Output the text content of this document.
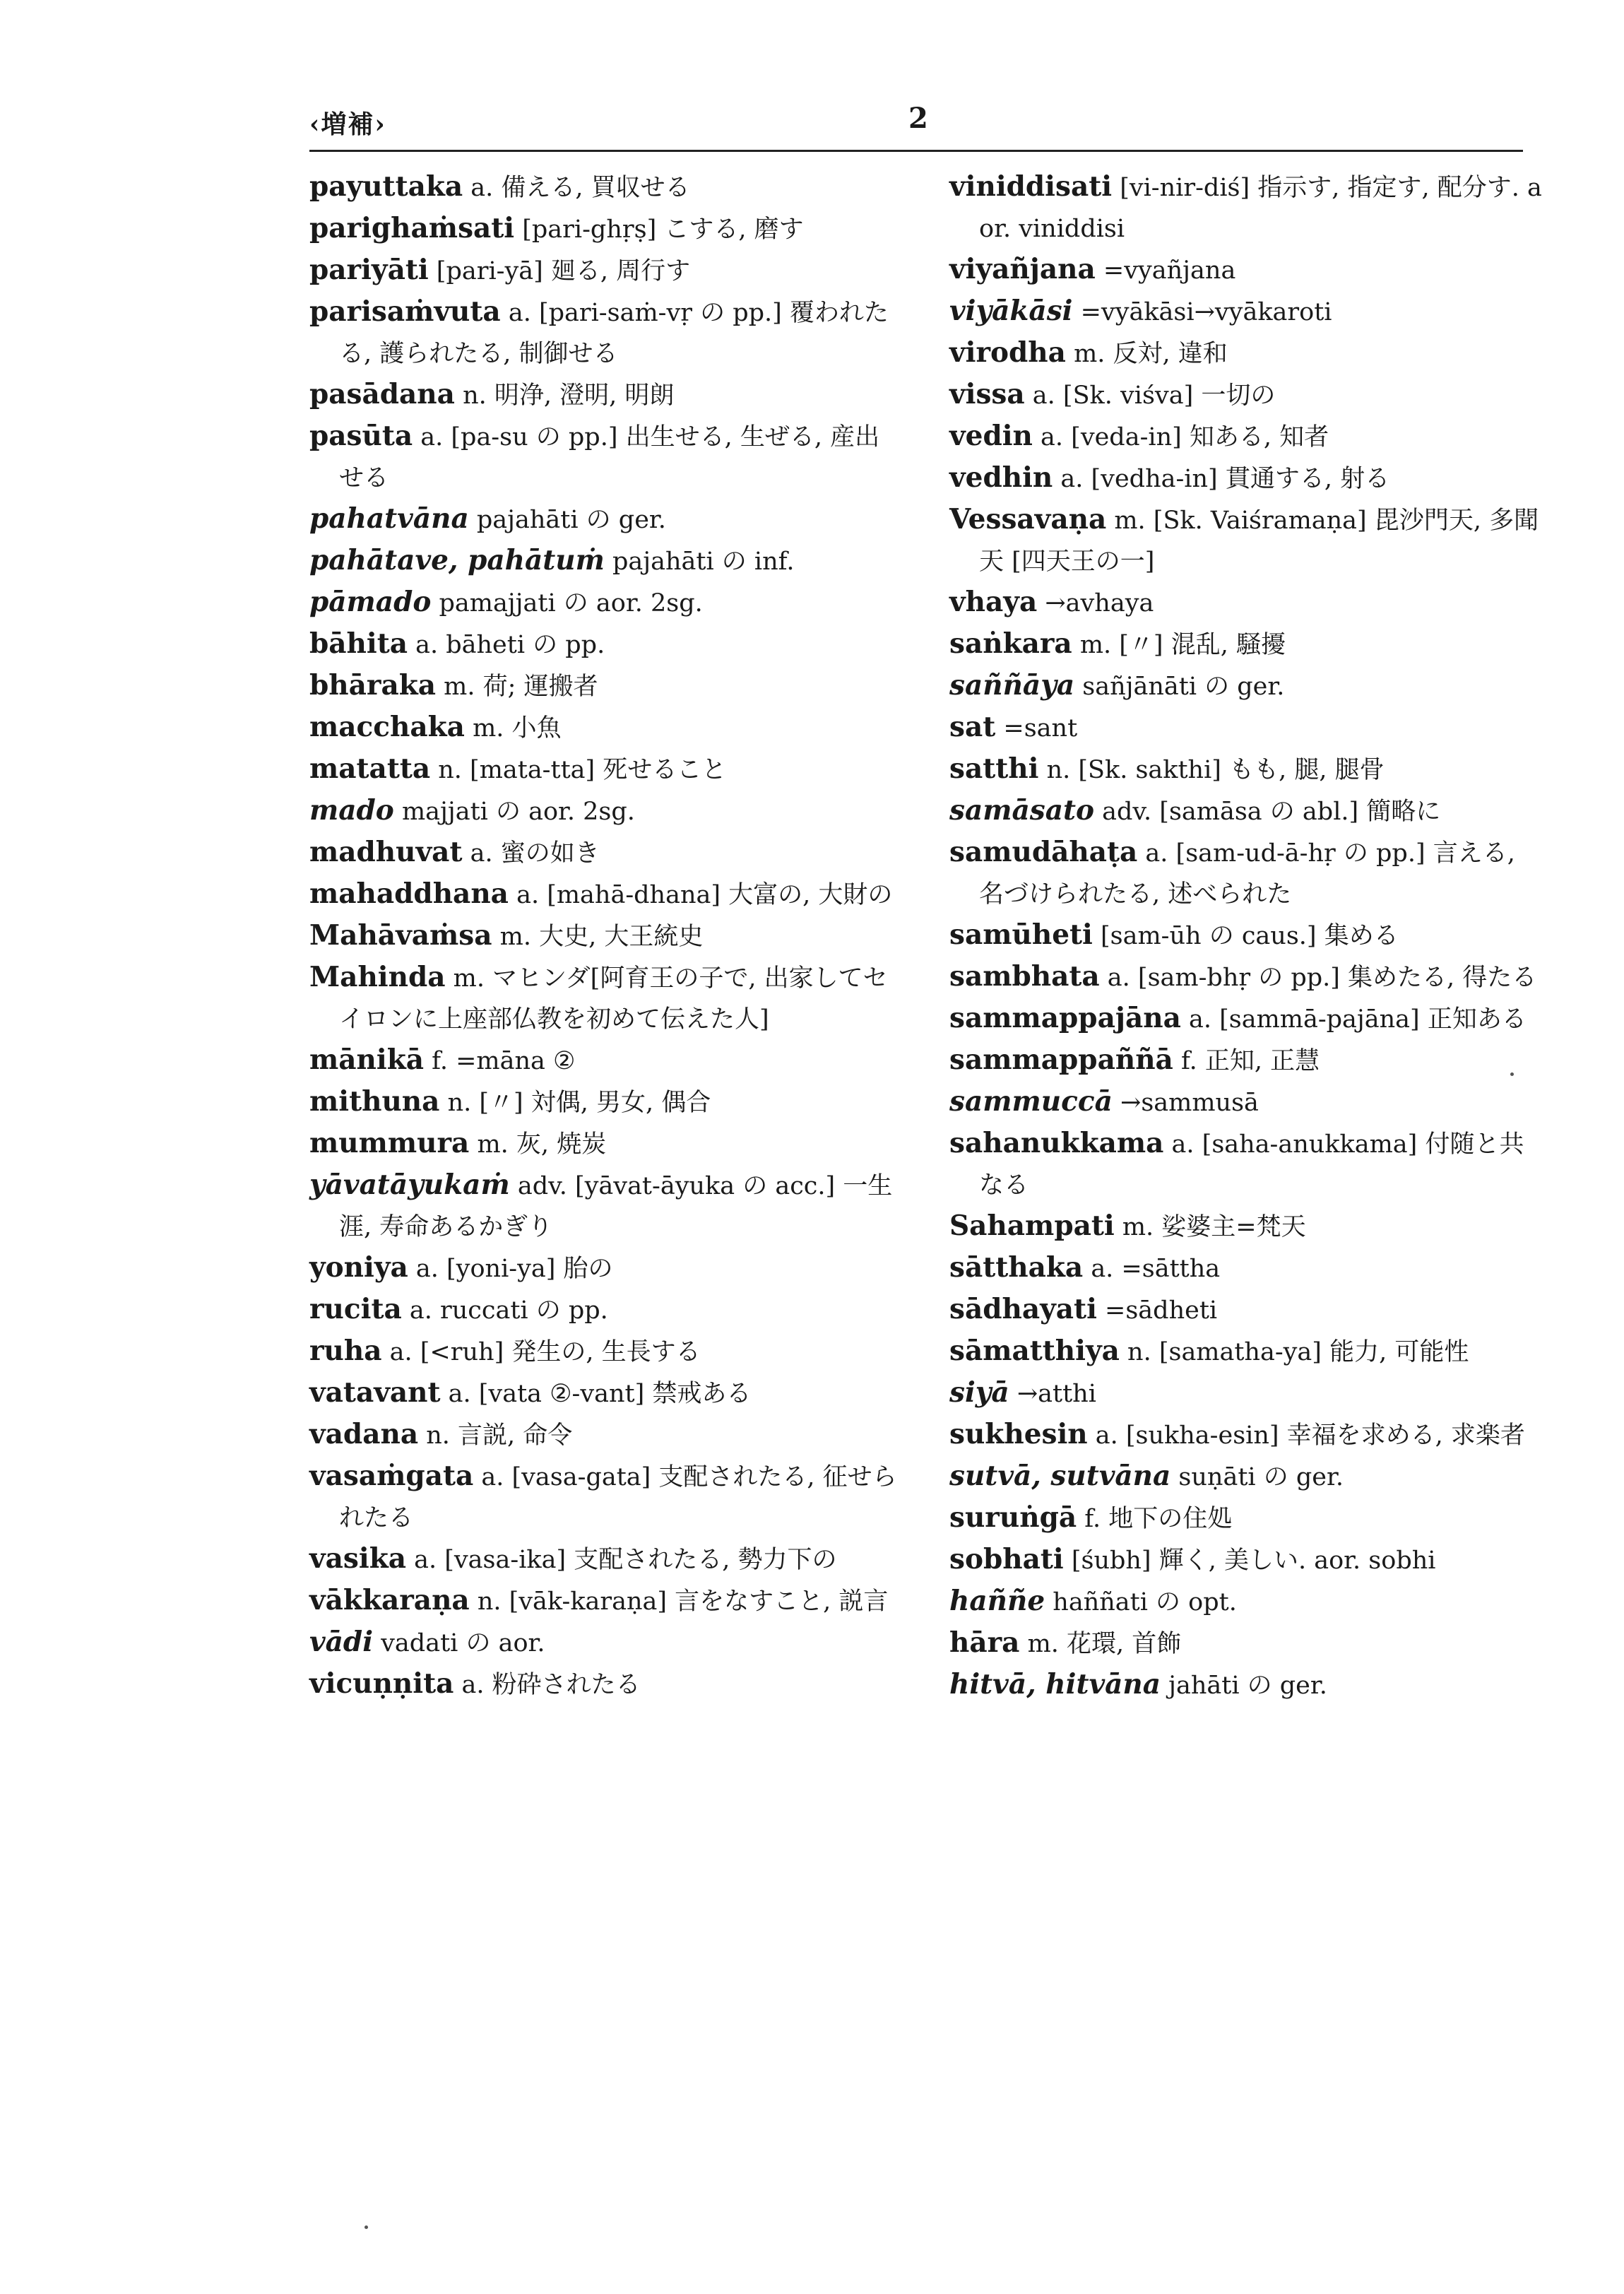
‹増補›	2
payuttaka a. 備える, 買収せる
parighaṁsati [pari-ghṛṣ] こする, 磨す
pariyāti [pari-yā] 廻る, 周行す
parisaṁvuta a. [pari-saṁ-vṛ の pp.] 覆われたる, 護られたる, 制御せる
pasādana n. 明浄, 澄明, 明朗
pasūta a. [pa-su の pp.] 出生せる, 生ぜる, 産出せる
pahatvāna pajahāti の ger.
pahātave, pahātuṁ pajahāti の inf.
pāmado pamajjati の aor. 2sg.
bāhita a. bāheti の pp.
bhāraka m. 荷; 運搬者
macchaka m. 小魚
matatta n. [mata-tta] 死せること
mado majjati の aor. 2sg.
madhuvat a. 蜜の如き
mahaddhana a. [mahā-dhana] 大富の, 大財の
Mahāvaṁsa m. 大史, 大王統史
Mahinda m. マヒンダ[阿育王の子で, 出家してセイロンに上座部仏教を初めて伝えた人]
mānikā f. =māna ②
mithuna n. [〃] 対偶, 男女, 偶合
mummura m. 灰, 焼炭
yāvatāyukaṁ adv. [yāvat-āyuka の acc.] 一生涯, 寿命あるかぎり
yoniya a. [yoni-ya] 胎の
rucita a. ruccati の pp.
ruha a. [<ruh] 発生の, 生長する
vatavant a. [vata ②-vant] 禁戒ある
vadana n. 言説, 命令
vasaṁgata a. [vasa-gata] 支配されたる, 征せられたる
vasika a. [vasa-ika] 支配されたる, 勢力下の
vākkaraṇa n. [vāk-karaṇa] 言をなすこと, 説言
vādi vadati の aor.
vicuṇṇita a. 粉砕されたる
viniddisati [vi-nir-diś] 指示す, 指定す, 配分す. aor. viniddisi
viyañjana =vyañjana
viyākāsi =vyākāsi→vyākaroti
virodha m. 反対, 違和
vissa a. [Sk. viśva] 一切の
vedin a. [veda-in] 知ある, 知者
vedhin a. [vedha-in] 貫通する, 射る
Vessavaṇa m. [Sk. Vaiśramaṇa] 毘沙門天, 多聞天 [四天王の一]
vhaya →avhaya
saṅkara m. [〃] 混乱, 騒擾
saññāya sañjānāti の ger.
sat =sant
satthi n. [Sk. sakthi] もも, 腿, 腿骨
samāsato adv. [samāsa の abl.] 簡略に
samudāhaṭa a. [sam-ud-ā-hṛ の pp.] 言える, 名づけられたる, 述べられた
samūheti [sam-ūh の caus.] 集める
sambhata a. [sam-bhṛ の pp.] 集めたる, 得たる
sammappajāna a. [sammā-pajāna] 正知ある
sammappaññā f. 正知, 正慧
sammuccā →sammusā
sahanukkama a. [saha-anukkama] 付随と共なる
Sahampati m. 娑婆主=梵天
sātthaka a. =sāttha
sādhayati =sādheti
sāmatthiya n. [samatha-ya] 能力, 可能性
siyā →atthi
sukhesin a. [sukha-esin] 幸福を求める, 求楽者
sutvā, sutvāna suṇāti の ger.
suruṅgā f. 地下の住処
sobhati [śubh] 輝く, 美しい. aor. sobhi
haññe haññati の opt.
hāra m. 花環, 首飾
hitvā, hitvāna jahāti の ger.
